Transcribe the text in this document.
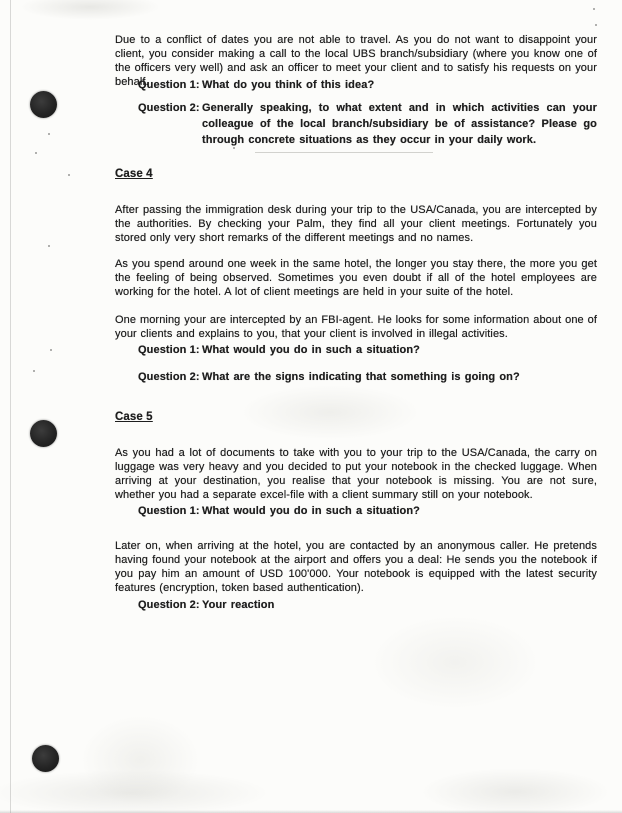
Due to a conflict of dates you are not able to travel. As you do not want to disappoint your client, you consider making a call to the local UBS branch/subsidiary (where you know one of the officers very well) and ask an officer to meet your client and to satisfy his requests on your behalf.

Question 1: What do you think of this idea?
Question 2: Generally speaking, to what extent and in which activities can your colleague of the local branch/subsidiary be of assistance? Please go through concrete situations as they occur in your daily work.
Case 4

After passing the immigration desk during your trip to the USA/Canada, you are intercepted by the authorities. By checking your Palm, they find all your client meetings. Fortunately you stored only very short remarks of the different meetings and no names.

As you spend around one week in the same hotel, the longer you stay there, the more you get the feeling of being observed. Sometimes you even doubt if all of the hotel employees are working for the hotel. A lot of client meetings are held in your suite of the hotel.

One morning your are intercepted by an FBI-agent. He looks for some information about one of your clients and explains to you, that your client is involved in illegal activities.

Question 1: What would you do in such a situation?
Question 2: What are the signs indicating that something is going on?
Case 5

As you had a lot of documents to take with you to your trip to the USA/Canada, the carry on luggage was very heavy and you decided to put your notebook in the checked luggage. When arriving at your destination, you realise that your notebook is missing. You are not sure, whether you had a separate excel-file with a client summary still on your notebook.

Question 1: What would you do in such a situation?

Later on, when arriving at the hotel, you are contacted by an anonymous caller. He pretends having found your notebook at the airport and offers you a deal: He sends you the notebook if you pay him an amount of USD 100'000. Your notebook is equipped with the latest security features (encryption, token based authentication).

Question 2: Your reaction
